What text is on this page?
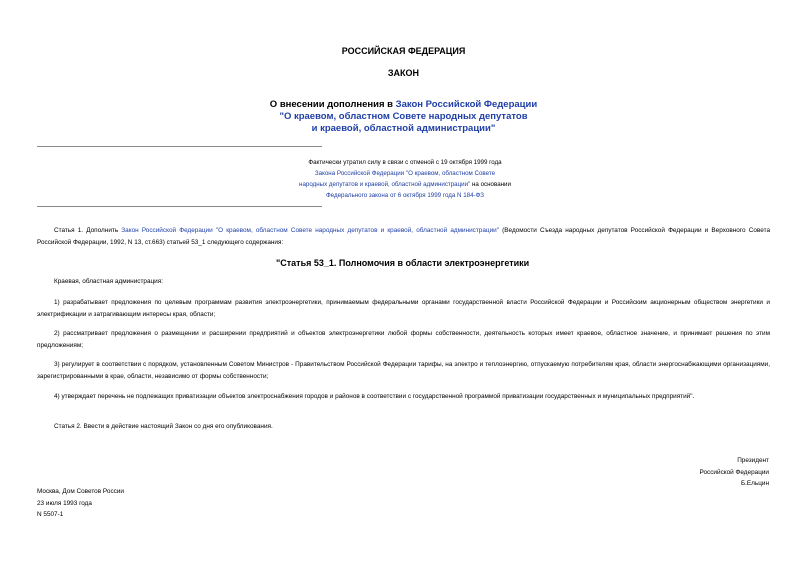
РОССИЙСКАЯ ФЕДЕРАЦИЯ
ЗАКОН
О внесении дополнения в Закон Российской Федерации
"О краевом, областном Совете народных депутатов
и краевой, областной администрации"
Фактически утратил силу в связи с отменой с 19 октября 1999 года
Закона Российской Федерации "О краевом, областном Совете
народных депутатов и краевой, областной администрации" на основании
Федерального закона от 6 октября 1999 года N 184-ФЗ
Статья 1. Дополнить Закон Российской Федерации "О краевом, областном Совете народных депутатов и краевой, областной администрации" (Ведомости Съезда народных депутатов Российской Федерации и Верховного Совета Российской Федерации, 1992, N 13, ст.663) статьей 53_1 следующего содержания:
"Статья 53_1. Полномочия в области электроэнергетики
Краевая, областная администрация:
1) разрабатывает предложения по целевым программам развития электроэнергетики, принимаемым федеральными органами государственной власти Российской Федерации и Российским акционерным обществом энергетики и электрификации и затрагивающим интересы края, области;
2) рассматривает предложения о размещении и расширении предприятий и объектов электроэнергетики любой формы собственности, деятельность которых имеет краевое, областное значение, и принимает решения по этим предложениям;
3) регулирует в соответствии с порядком, установленным Советом Министров - Правительством Российской Федерации тарифы, на электро и теплоэнергию, отпускаемую потребителям края, области энергоснабжающими организациями, зарегистрированными в крае, области, независимо от формы собственности;
4) утверждает перечень не подлежащих приватизации объектов электроснабжения городов и районов в соответствии с государственной программой приватизации государственных и муниципальных предприятий".
Статья 2. Ввести в действие настоящий Закон со дня его опубликования.
Президент
Российской Федерации
Б.Ельцин
Москва, Дом Советов России
23 июля 1993 года
N 5507-1
